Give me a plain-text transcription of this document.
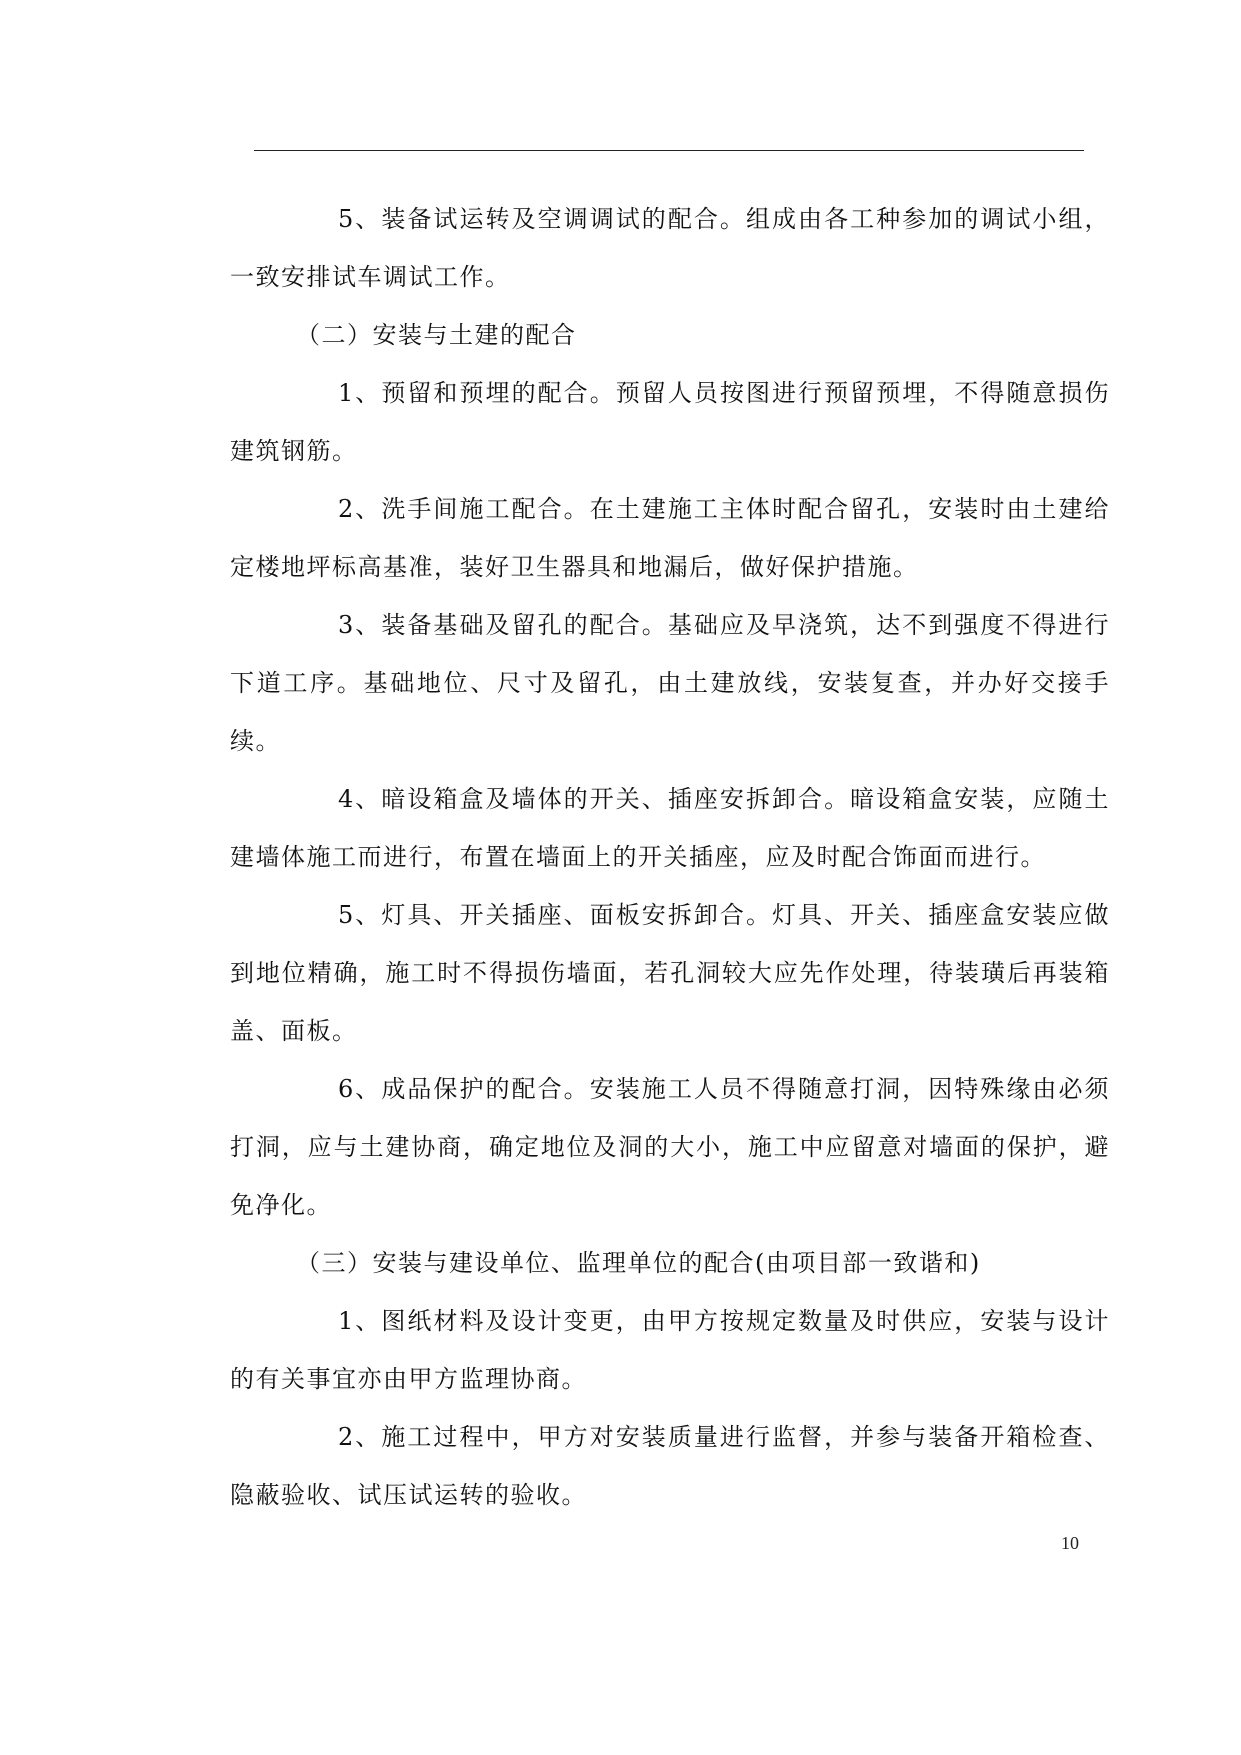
5、装备试运转及空调调试的配合。组成由各工种参加的调试小组，一致安排试车调试工作。

（二）安装与土建的配合

1、预留和预埋的配合。预留人员按图进行预留预埋，不得随意损伤建筑钢筋。

2、洗手间施工配合。在土建施工主体时配合留孔，安装时由土建给定楼地坪标高基准，装好卫生器具和地漏后，做好保护措施。

3、装备基础及留孔的配合。基础应及早浇筑，达不到强度不得进行下道工序。基础地位、尺寸及留孔，由土建放线，安装复查，并办好交接手续。

4、暗设箱盒及墙体的开关、插座安拆卸合。暗设箱盒安装，应随土建墙体施工而进行，布置在墙面上的开关插座，应及时配合饰面而进行。

5、灯具、开关插座、面板安拆卸合。灯具、开关、插座盒安装应做到地位精确，施工时不得损伤墙面，若孔洞较大应先作处理，待装璜后再装箱盖、面板。

6、成品保护的配合。安装施工人员不得随意打洞，因特殊缘由必须打洞，应与土建协商，确定地位及洞的大小，施工中应留意对墙面的保护，避免净化。

（三）安装与建设单位、监理单位的配合(由项目部一致谐和)

1、图纸材料及设计变更，由甲方按规定数量及时供应，安装与设计的有关事宜亦由甲方监理协商。

2、施工过程中，甲方对安装质量进行监督，并参与装备开箱检查、隐蔽验收、试压试运转的验收。

10
